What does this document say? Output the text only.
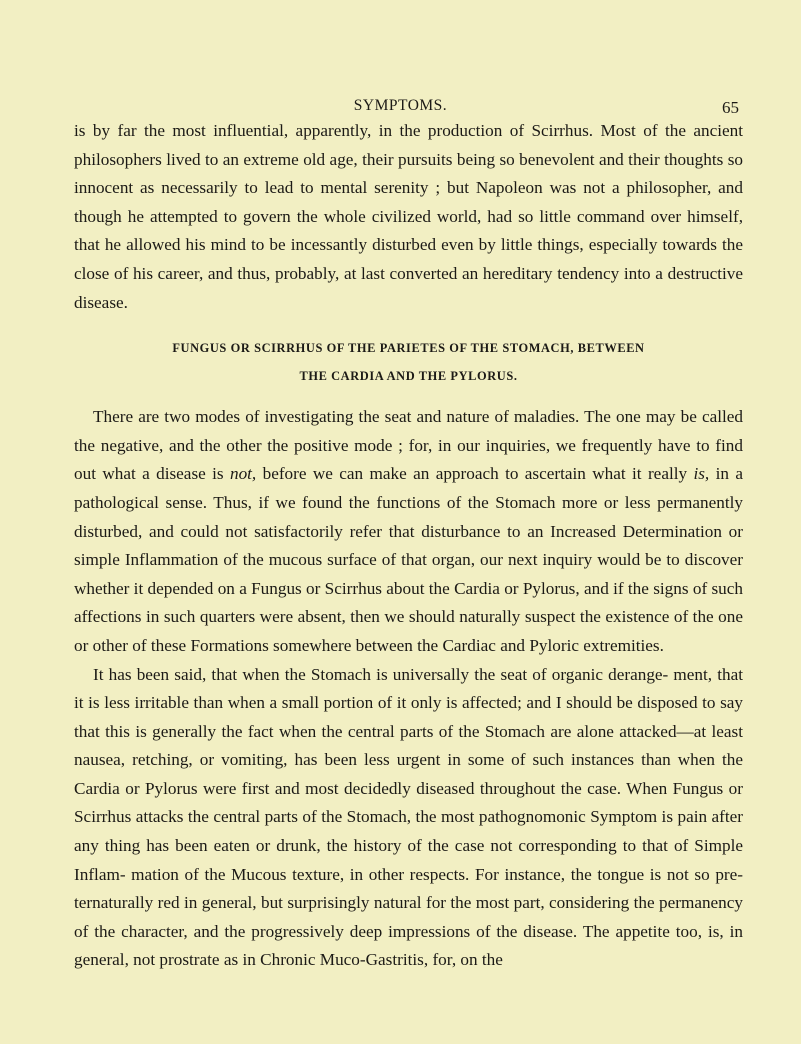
SYMPTOMS.	65

is by far the most influential, apparently, in the production of Scirrhus. Most of the ancient philosophers lived to an extreme old age, their pursuits being so benevolent and their thoughts so innocent as necessarily to lead to mental serenity ; but Napoleon was not a philosopher, and though he attempted to govern the whole civilized world, had so little command over himself, that he allowed his mind to be incessantly disturbed even by little things, especially towards the close of his career, and thus, probably, at last converted an hereditary tendency into a destructive disease.

FUNGUS OR SCIRRHUS OF THE PARIETES OF THE STOMACH, BETWEEN
THE CARDIA AND THE PYLORUS.

There are two modes of investigating the seat and nature of maladies. The one may be called the negative, and the other the positive mode ; for, in our inquiries, we frequently have to find out what a disease is not, before we can make an approach to ascertain what it really is, in a pathological sense. Thus, if we found the functions of the Stomach more or less permanently disturbed, and could not satisfactorily refer that disturbance to an Increased Determination or simple Inflammation of the mucous surface of that organ, our next inquiry would be to discover whether it depended on a Fungus or Scirrhus about the Cardia or Pylorus, and if the signs of such affections in such quarters were absent, then we should naturally suspect the existence of the one or other of these Formations somewhere between the Cardiac and Pyloric extremities.

It has been said, that when the Stomach is universally the seat of organic derange- ment, that it is less irritable than when a small portion of it only is affected; and I should be disposed to say that this is generally the fact when the central parts of the Stomach are alone attacked—at least nausea, retching, or vomiting, has been less urgent in some of such instances than when the Cardia or Pylorus were first and most decidedly diseased throughout the case. When Fungus or Scirrhus attacks the central parts of the Stomach, the most pathognomonic Symptom is pain after any thing has been eaten or drunk, the history of the case not corresponding to that of Simple Inflam- mation of the Mucous texture, in other respects. For instance, the tongue is not so pre- ternaturally red in general, but surprisingly natural for the most part, considering the permanency of the character, and the progressively deep impressions of the disease. The appetite too, is, in general, not prostrate as in Chronic Muco-Gastritis, for, on the
